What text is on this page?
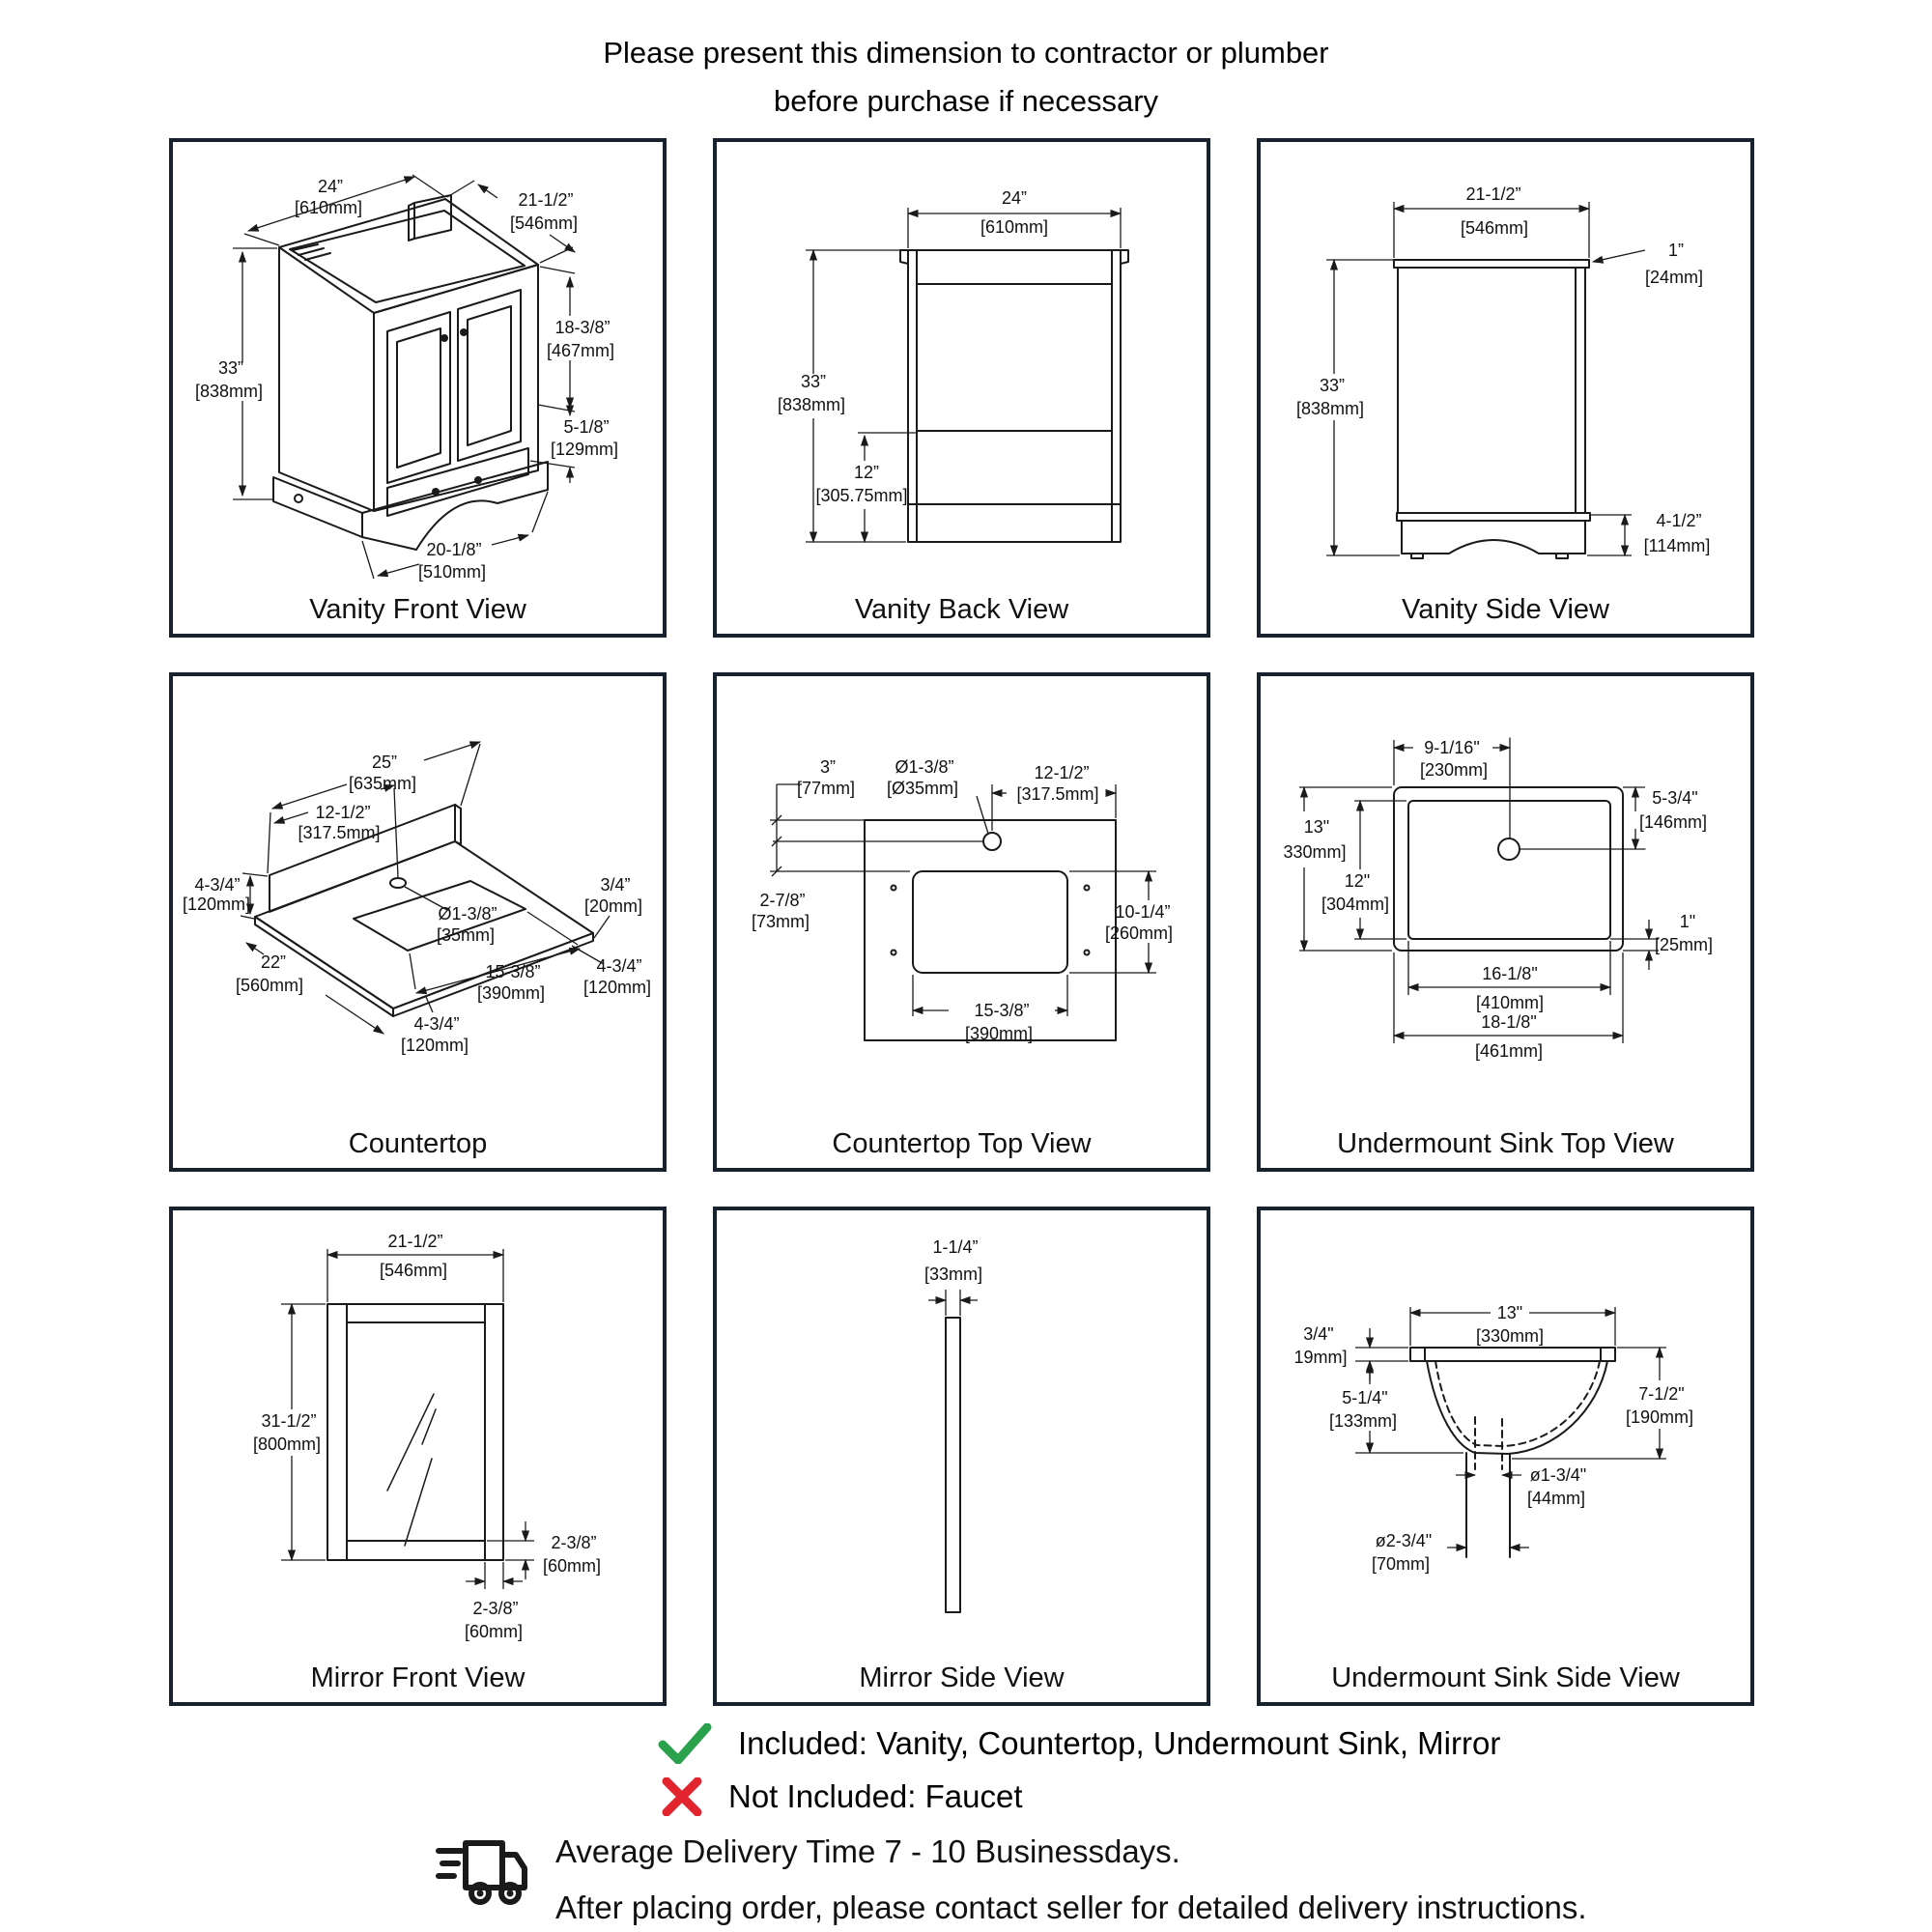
Please present this dimension to contractor or plumber
before purchase if necessary
24”
[610mm]	21-1/2”
[546mm]
33”
[838mm]
18-3/8”
[467mm]
5-1/8”
[129mm]
20-1/8”
[510mm]
Vanity Front View
24”
[610mm]
33”
[838mm]
12”
[305.75mm]
Vanity Back View
21-1/2”
[546mm]
1”
[24mm]
33”
[838mm]
4-1/2”
[114mm]
Vanity Side View
25”
[635mm]
12-1/2”
[317.5mm]
4-3/4”
[120mm]
22”
[560mm]
Ø1-3/8”
[35mm]
3/4”
[20mm]
15-3/8”
[390mm]
4-3/4”
[120mm]
4-3/4”
[120mm]
Countertop
3”
[77mm]
Ø1-3/8”
[Ø35mm]
12-1/2”
[317.5mm]
2-7/8”
[73mm]	10-1/4”
[260mm]
15-3/8”
[390mm]
Countertop Top View
9-1/16"
[230mm]
13"
330mm]
12"
[304mm]
5-3/4"
[146mm]
1"
[25mm]
16-1/8"
[410mm]
18-1/8"
[461mm]
Undermount Sink Top View
21-1/2”
[546mm]
31-1/2”
[800mm]
2-3/8”
[60mm]
2-3/8”
[60mm]
Mirror Front View
1-1/4”
[33mm]
Mirror Side View
13"
[330mm]
3/4"
19mm]
5-1/4"
[133mm]
7-1/2"
[190mm]
ø1-3/4"
[44mm]
ø2-3/4"
[70mm]
Undermount Sink Side View
Included: Vanity, Countertop, Undermount Sink, Mirror
Not Included: Faucet
Average Delivery Time 7 - 10 Businessdays.
After placing order, please contact seller for detailed delivery instructions.
